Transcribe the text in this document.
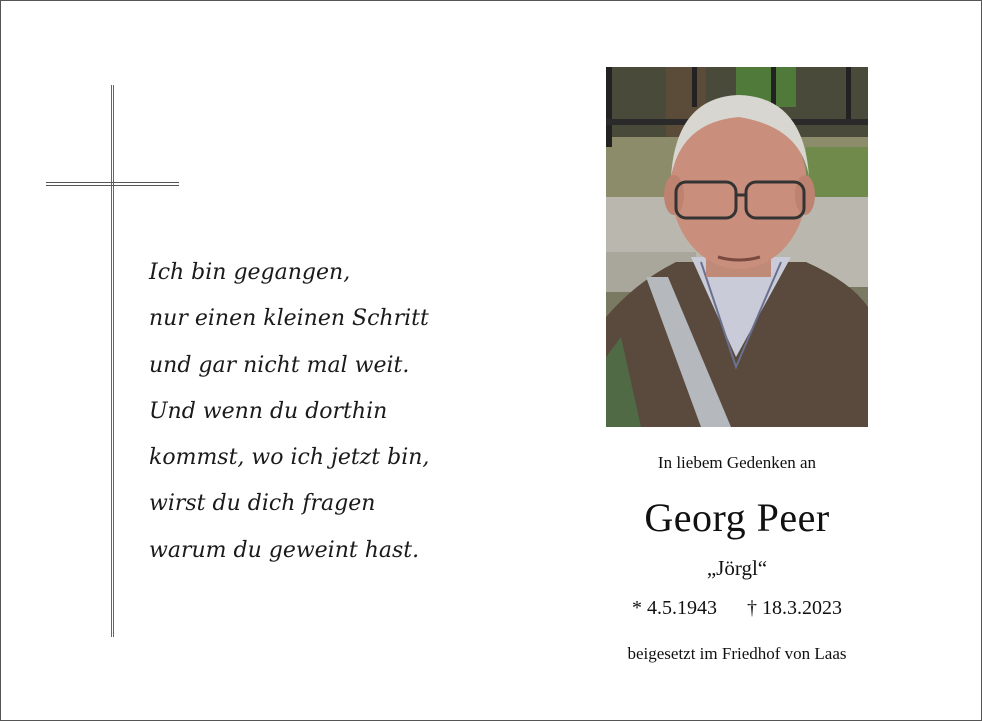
Ich bin gegangen,
nur einen kleinen Schritt
und gar nicht mal weit.
Und wenn du dorthin
kommst, wo ich jetzt bin,
wirst du dich fragen
warum du geweint hast.
In liebem Gedenken an
Georg Peer
„Jörgl“
* 4.5.1943 † 18.3.2023
beigesetzt im Friedhof von Laas
